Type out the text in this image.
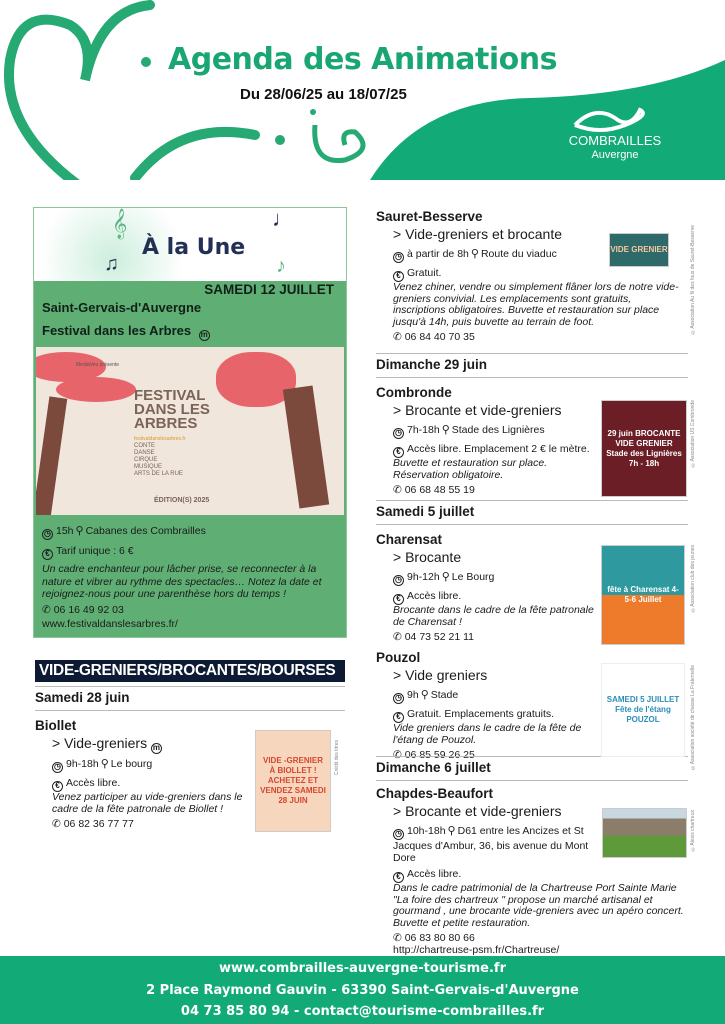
Agenda des Animations
Du 28/06/25 au 18/07/25
COMBRAILLES
Auvergne
𝄞
♫
♩
♪
À la Une
SAMEDI 12 JUILLET
Saint-Gervais-d'Auvergne
Festival dans les Arbres m
MediaVeu présente
FESTIVAL DANS LES ARBRES
festivaldanslesarbres.fr
CONTE
DANSE
CIRQUE
MUSIQUE
ARTS DE LA RUE
ÉDITION(S) 2025
◷ 15h ⚲ Cabanes des Combrailles
€ Tarif unique : 6 €
Un cadre enchanteur pour lâcher prise, se reconnecter à la nature et vibrer au rythme des spectacles… Notez la date et rejoignez-nous pour une parenthèse hors du temps !
✆ 06 16 49 92 03
www.festivaldanslesarbres.fr/
VIDE-GRENIERS/BROCANTES/BOURSES
Samedi 28 juin
Biollet
> Vide-greniers m
◷ 9h-18h ⚲ Le bourg
€ Accès libre.
Venez participer au vide-greniers dans le cadre de la fête patronale de Biollet !
✆ 06 82 36 77 77
VIDE -GRENIER À BIOLLET ! ACHETEZ ET VENDEZ SAMEDI 28 JUIN
Crédit des titres
Sauret-Besserve
> Vide-greniers et brocante
◷ à partir de 8h ⚲ Route du viaduc
€ Gratuit.
Venez chiner, vendre ou simplement flâner lors de notre vide-greniers convivial. Les emplacements sont gratuits, inscriptions obligatoires. Buvette et restauration sur place jusqu'à 14h, puis buvette au terrain de foot.
✆ 06 84 40 70 35
Dimanche 29 juin
Combronde
> Brocante et vide-greniers
◷ 7h-18h ⚲ Stade des Lignières
€ Accès libre. Emplacement 2 € le mètre.
Buvette et restauration sur place. Réservation obligatoire.
✆ 06 68 48 55 19
Samedi 5 juillet
Charensat
> Brocante
◷ 9h-12h ⚲ Le Bourg
€ Accès libre.
Brocante dans le cadre de la fête patronale de Charensat !
✆ 04 73 52 21 11
Pouzol
> Vide greniers
◷ 9h ⚲ Stade
€ Gratuit. Emplacements gratuits.
Vide greniers dans le cadre de la fête de l'étang de Pouzol.
✆ 06 85 59 26 25
Dimanche 6 juillet
Chapdes-Beaufort
> Brocante et vide-greniers
◷ 10h-18h ⚲ D61 entre les Ancizes et St Jacques d'Ambur, 36, bis avenue du Mont Dore
€ Accès libre.
Dans le cadre patrimonial de la Chartreuse Port Sainte Marie "La foire des chartreux " propose un marché artisanal et gourmand , une brocante vide-greniers avec un apéro concert. Buvette et petite restauration.
✆ 06 83 80 80 66
http://chartreuse-psm.fr/Chartreuse/
VIDE GRENIER	©Association Au fil des fous de Sauret-Besserve
29 juin BROCANTE VIDE GRENIER Stade des Lignières 7h - 18h	©Association US Combronde
fête à Charensat 4-5-6 Juillet	©Association club des jeunes
SAMEDI 5 JUILLET Fête de l'étang POUZOL	©Association société de chasse La Fraternelle
©Alexis chartreux
www.combrailles-auvergne-tourisme.fr
2 Place Raymond Gauvin - 63390 Saint-Gervais-d'Auvergne
04 73 85 80 94 - contact@tourisme-combrailles.fr
